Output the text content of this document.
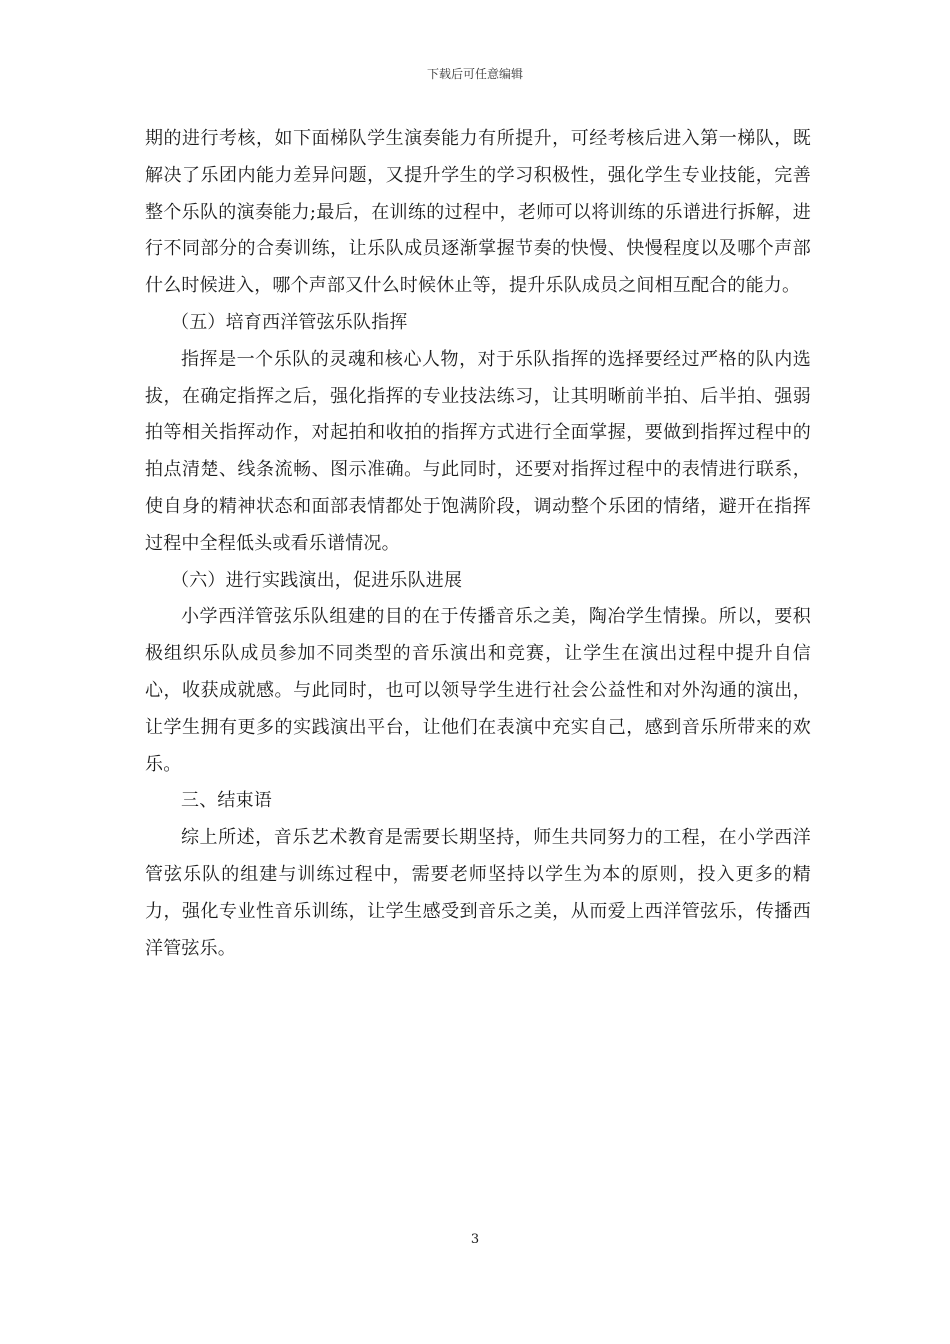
下载后可任意编辑

期的进行考核，如下面梯队学生演奏能力有所提升，可经考核后进入第一梯队，既解决了乐团内能力差异问题，又提升学生的学习积极性，强化学生专业技能，完善整个乐队的演奏能力;最后，在训练的过程中，老师可以将训练的乐谱进行拆解，进行不同部分的合奏训练，让乐队成员逐渐掌握节奏的快慢、快慢程度以及哪个声部什么时候进入，哪个声部又什么时候休止等，提升乐队成员之间相互配合的能力。

（五）培育西洋管弦乐队指挥

指挥是一个乐队的灵魂和核心人物，对于乐队指挥的选择要经过严格的队内选拔，在确定指挥之后，强化指挥的专业技法练习，让其明晰前半拍、后半拍、强弱拍等相关指挥动作，对起拍和收拍的指挥方式进行全面掌握，要做到指挥过程中的拍点清楚、线条流畅、图示准确。与此同时，还要对指挥过程中的表情进行联系，使自身的精神状态和面部表情都处于饱满阶段，调动整个乐团的情绪，避开在指挥过程中全程低头或看乐谱情况。

（六）进行实践演出，促进乐队进展

小学西洋管弦乐队组建的目的在于传播音乐之美，陶冶学生情操。所以，要积极组织乐队成员参加不同类型的音乐演出和竞赛，让学生在演出过程中提升自信心，收获成就感。与此同时，也可以领导学生进行社会公益性和对外沟通的演出，让学生拥有更多的实践演出平台，让他们在表演中充实自己，感到音乐所带来的欢乐。

三、结束语

综上所述，音乐艺术教育是需要长期坚持，师生共同努力的工程，在小学西洋管弦乐队的组建与训练过程中，需要老师坚持以学生为本的原则，投入更多的精力，强化专业性音乐训练，让学生感受到音乐之美，从而爱上西洋管弦乐，传播西洋管弦乐。

3
